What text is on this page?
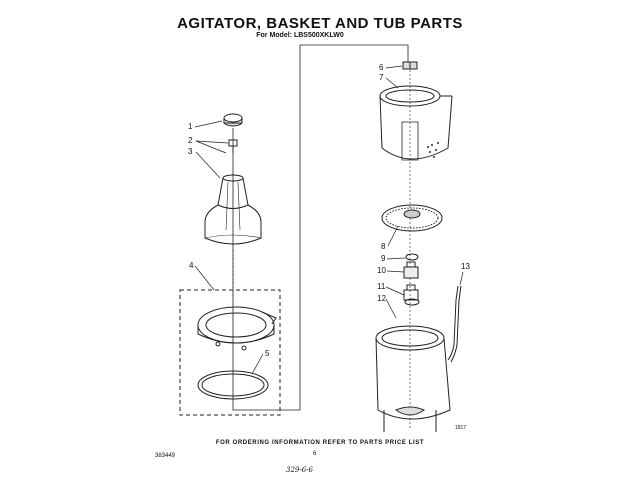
AGITATOR, BASKET AND TUB PARTS
For Model: LBS500XKLW0
1
2
3
4
5
6
7
8
9
10
11
12
13
1817
FOR ORDERING INFORMATION REFER TO PARTS PRICE LIST
383449	6
329-6-6
